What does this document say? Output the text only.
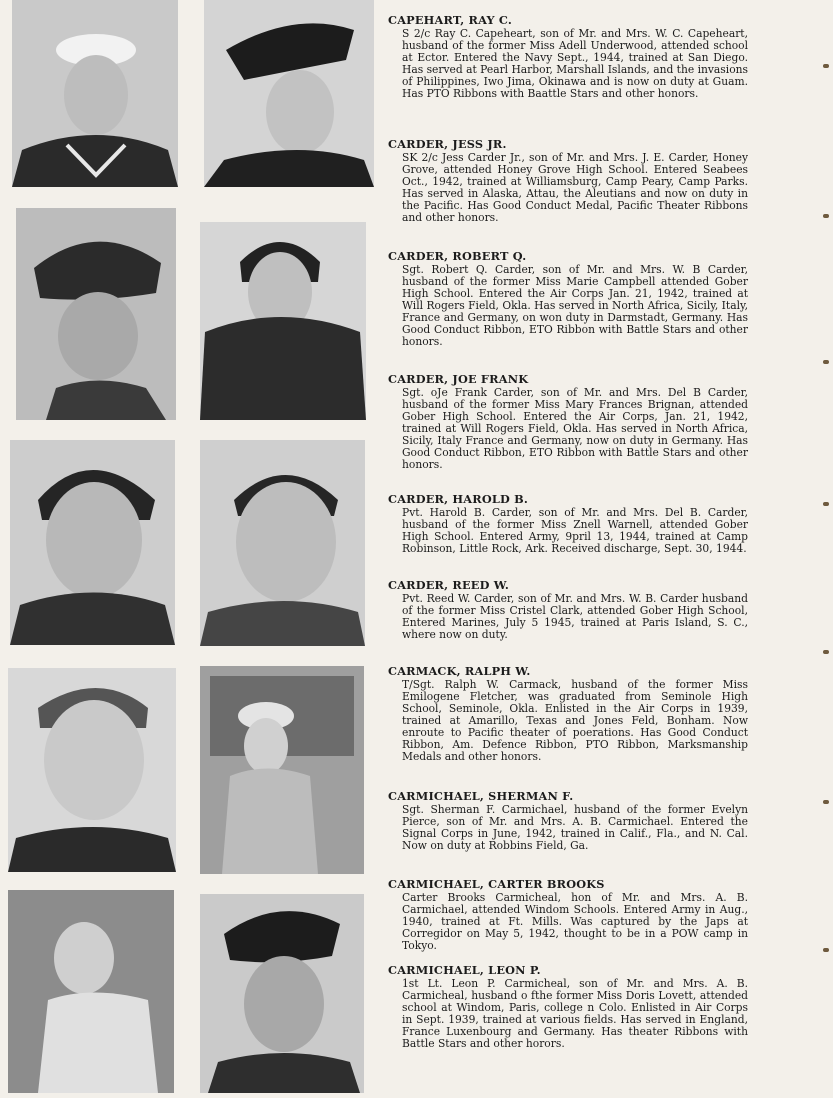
CAPEHART, RAY C.
S 2/c Ray C. Capeheart, son of Mr. and Mrs. W. C. Capeheart, husband of the former Miss Adell Underwood, attended school at Ector. Entered the Navy Sept., 1944, trained at San Diego. Has served at Pearl Harbor, Marshall Islands, and the invasions of Philippines, Iwo Jima, Okinawa and is now on duty at Guam. Has PTO Ribbons with Baattle Stars and other honors.
CARDER, JESS JR.
SK 2/c Jess Carder Jr., son of Mr. and Mrs. J. E. Carder, Honey Grove, attended Honey Grove High School. Entered Seabees Oct., 1942, trained at Williamsburg, Camp Peary, Camp Parks. Has served in Alaska, Attau, the Aleutians and now on duty in the Pacific. Has Good Conduct Medal, Pacific Theater Ribbons and other honors.
CARDER, ROBERT Q.
Sgt. Robert Q. Carder, son of Mr. and Mrs. W. B Carder, husband of the former Miss Marie Campbell attended Gober High School. Entered the Air Corps Jan. 21, 1942, trained at Will Rogers Field, Okla. Has served in North Africa, Sicily, Italy, France and Germany, on won duty in Darmstadt, Germany. Has Good Conduct Ribbon, ETO Ribbon with Battle Stars and other honors.
CARDER, JOE FRANK
Sgt. oJe Frank Carder, son of Mr. and Mrs. Del B Carder, husband of the former Miss Mary Frances Brignan, attended Gober High School. Entered the Air Corps, Jan. 21, 1942, trained at Will Rogers Field, Okla. Has served in North Africa, Sicily, Italy France and Germany, now on duty in Germany. Has Good Conduct Ribbon, ETO Ribbon with Battle Stars and other honors.
CARDER, HAROLD B.
Pvt. Harold B. Carder, son of Mr. and Mrs. Del B. Carder, husband of the former Miss Znell Warnell, attended Gober High School. Entered Army, 9pril 13, 1944, trained at Camp Robinson, Little Rock, Ark. Received discharge, Sept. 30, 1944.
CARDER, REED W.
Pvt. Reed W. Carder, son of Mr. and Mrs. W. B. Carder husband of the former Miss Cristel Clark, attended Gober High School, Entered Marines, July 5 1945, trained at Paris Island, S. C., where now on duty.
CARMACK, RALPH W.
T/Sgt. Ralph W. Carmack, husband of the former Miss Emilogene Fletcher, was graduated from Seminole High School, Seminole, Okla. Enlisted in the Air Corps in 1939, trained at Amarillo, Texas and Jones Feld, Bonham. Now enroute to Pacific theater of poerations. Has Good Conduct Ribbon, Am. Defence Ribbon, PTO Ribbon, Marksmanship Medals and other honors.
CARMICHAEL, SHERMAN F.
Sgt. Sherman F. Carmichael, husband of the former Evelyn Pierce, son of Mr. and Mrs. A. B. Carmichael. Entered the Signal Corps in June, 1942, trained in Calif., Fla., and N. Cal. Now on duty at Robbins Field, Ga.
CARMICHAEL, CARTER BROOKS
Carter Brooks Carmicheal, hon of Mr. and Mrs. A. B. Carmichael, attended Windom Schools. Entered Army in Aug., 1940, trained at Ft. Mills. Was captured by the Japs at Corregidor on May 5, 1942, thought to be in a POW camp in Tokyo.
CARMICHAEL, LEON P.
1st Lt. Leon P. Carmicheal, son of Mr. and Mrs. A. B. Carmicheal, husband o fthe former Miss Doris Lovett, attended school at Windom, Paris, college n Colo. Enlisted in Air Corps in Sept. 1939, trained at various fields. Has served in England, France Luxenbourg and Germany. Has theater Ribbons with Battle Stars and other horors.
